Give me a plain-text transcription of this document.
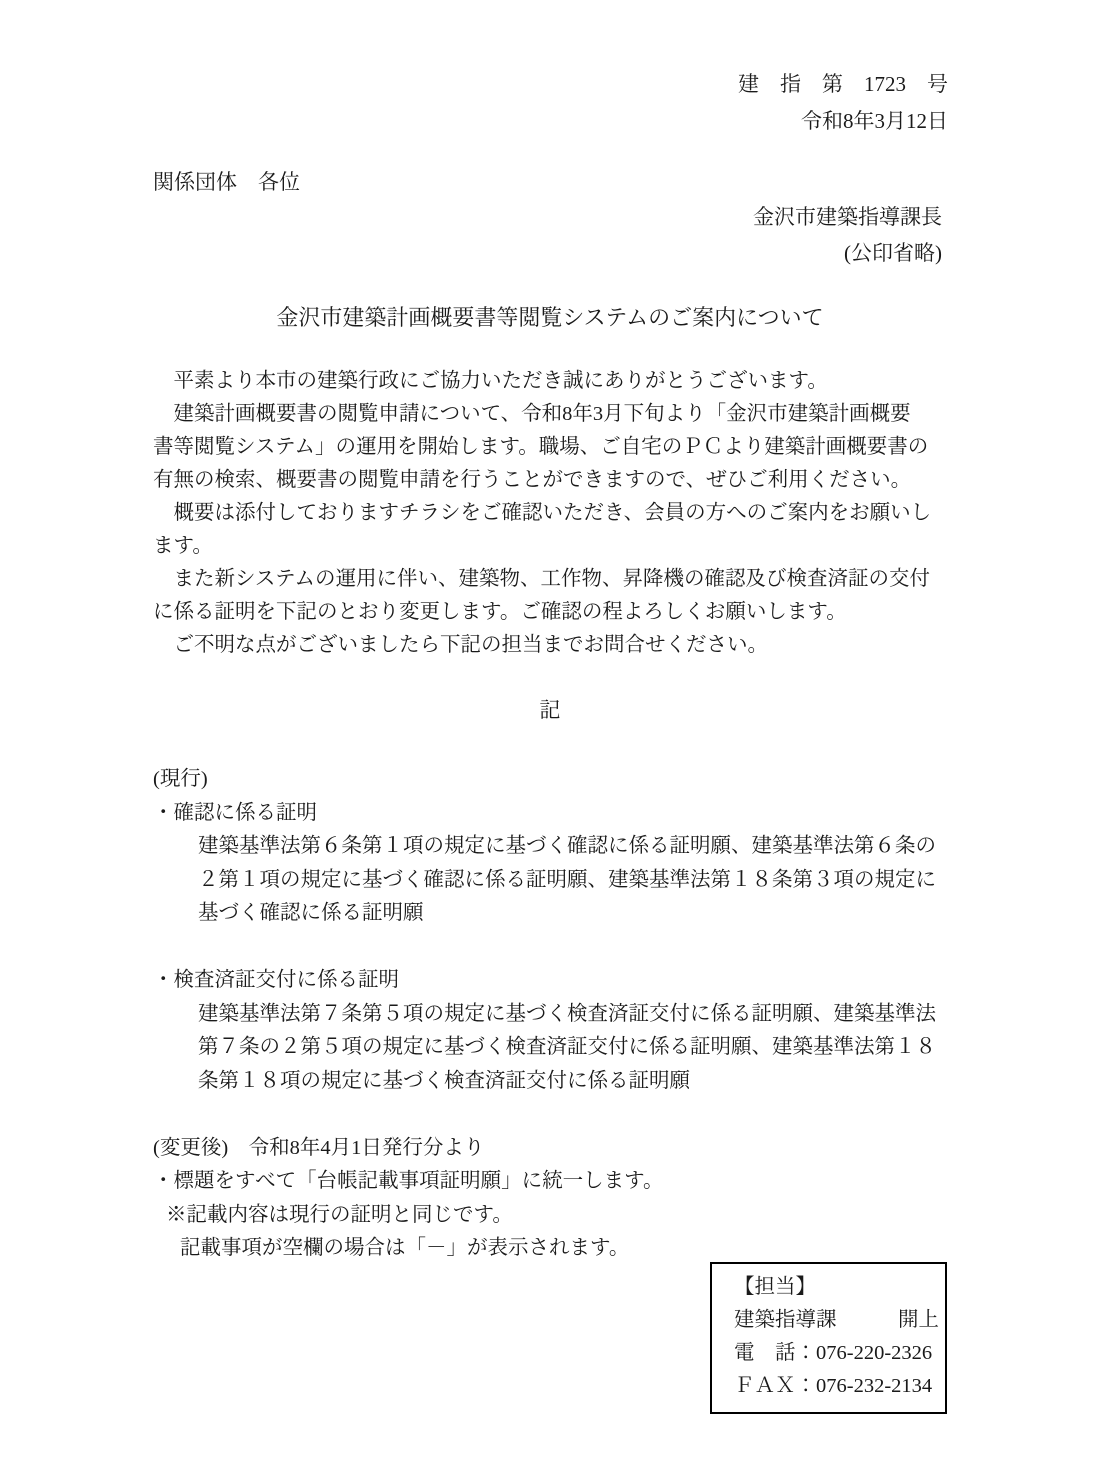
建　指　第　1723　号
令和8年3月12日
関係団体　各位
金沢市建築指導課長
(公印省略)
金沢市建築計画概要書等閲覧システムのご案内について
　平素より本市の建築行政にご協力いただき誠にありがとうございます。
　建築計画概要書の閲覧申請について、令和8年3月下旬より「金沢市建築計画概要
書等閲覧システム」の運用を開始します。職場、ご自宅のＰＣより建築計画概要書の
有無の検索、概要書の閲覧申請を行うことができますので、ぜひご利用ください。
　概要は添付しておりますチラシをご確認いただき、会員の方へのご案内をお願いし
ます。
　また新システムの運用に伴い、建築物、工作物、昇降機の確認及び検査済証の交付
に係る証明を下記のとおり変更します。ご確認の程よろしくお願いします。
　ご不明な点がございましたら下記の担当までお問合せください。
記
(現行)
・確認に係る証明
建築基準法第６条第１項の規定に基づく確認に係る証明願、建築基準法第６条の
２第１項の規定に基づく確認に係る証明願、建築基準法第１８条第３項の規定に
基づく確認に係る証明願
・検査済証交付に係る証明
建築基準法第７条第５項の規定に基づく検査済証交付に係る証明願、建築基準法
第７条の２第５項の規定に基づく検査済証交付に係る証明願、建築基準法第１８
条第１８項の規定に基づく検査済証交付に係る証明願
(変更後)　令和8年4月1日発行分より
・標題をすべて「台帳記載事項証明願」に統一します。
※記載内容は現行の証明と同じです。
記載事項が空欄の場合は「－」が表示されます。
【担当】
建築指導課　　　開上
電　話：076-220-2326
ＦＡＸ：076-232-2134
